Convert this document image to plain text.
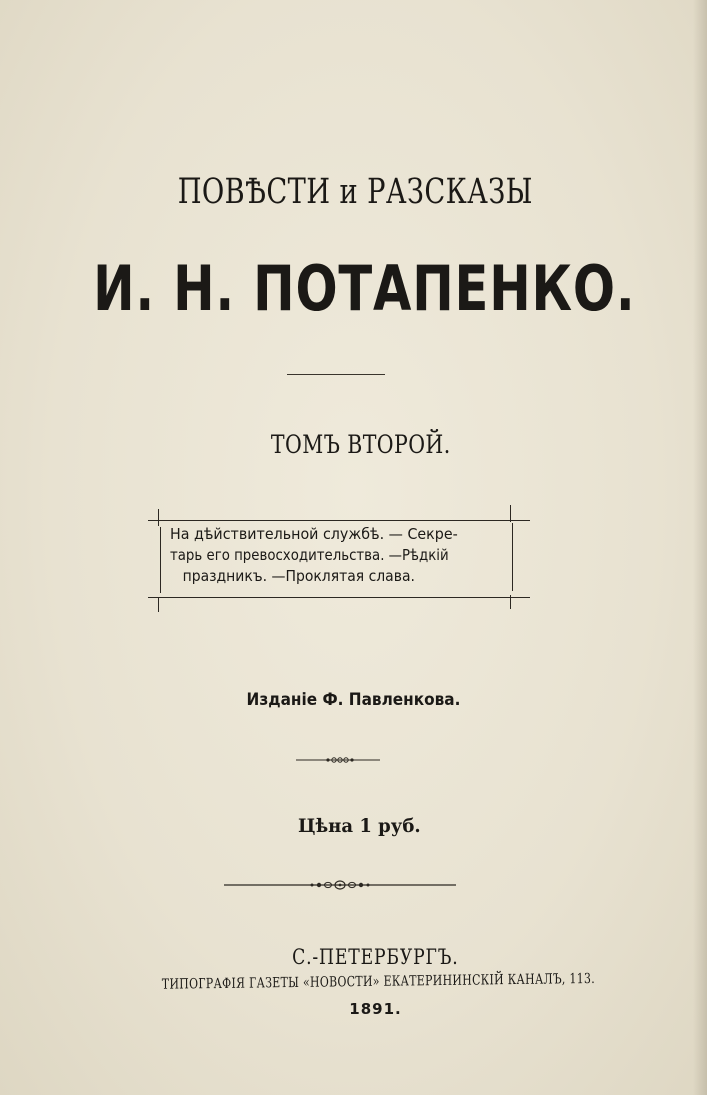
ПОВѢСТИ и РАЗСКАЗЫ
И. Н. ПОТАПЕНКО.
ТОМЪ ВТОРОЙ.
На дѣйствительной службѣ. — Секре-
тарь его превосходительства. —Рѣдкій
праздникъ. —Проклятая слава.
Изданіе Ф. Павленкова.
Цѣна 1 руб.
С.-ПЕТЕРБУРГЪ.
ТИПОГРАФІЯ ГАЗЕТЫ «НОВОСТИ» ЕКАТЕРИНИНСКІЙ КАНАЛЪ, 113.
1891.
